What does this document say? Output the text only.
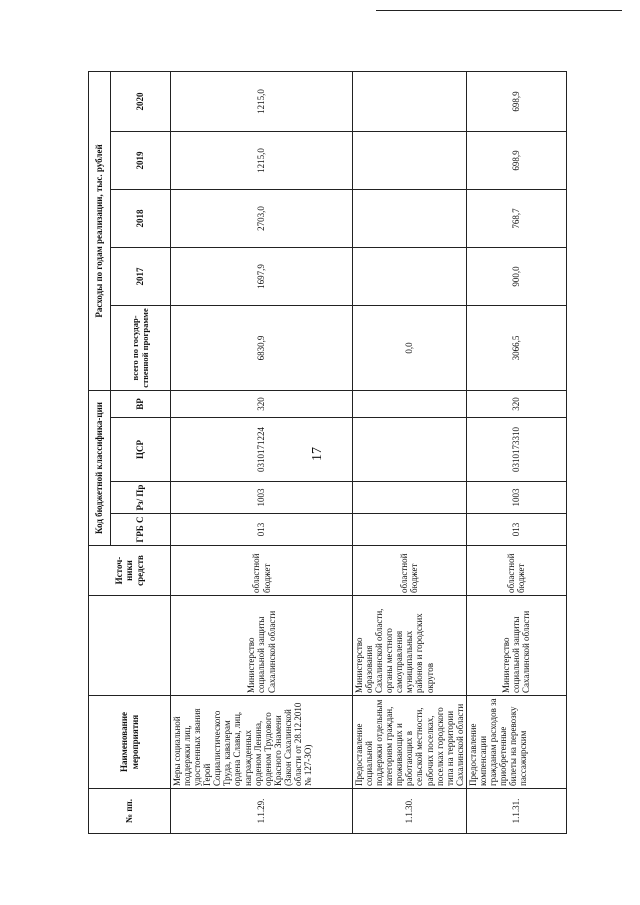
17
№ пп.	Наименование мероприятия		Источ-ники средств	Код бюджетной классифика-ции				Расходы по годам реализации, тыс. рублей				
				ГРБ С	Рз/ Пр	ЦСР	ВР	всего по государ-ственной программе	2017	2018	2019	2020
1.1.29.	Меры социальной поддержки лиц, удостоенных звания Герой Социалистического Труда, кавалерам ордена Славы, лиц, награжденных орденом Ленина, орденом Трудового Красного Знамени (Закон Сахалинской области от 28.12.2010 № 127-ЗО)	Министерство социальной защиты Сахалинской области	областной бюджет	013	1003	0310171224	320	6830,9	1697,9	2703,0	1215,0	1215,0
1.1.30.	Предоставление социальной поддержки отдельным категориям граждан, проживающих и работающих в сельской местности, рабочих поселках, поселках городского типа на территории Сахалинской области	Министерство образования Сахалинской области, органы местного самоуправления муниципальных районов и городских округов	областной бюджет					0,0				
1.1.31.	Предоставление компенсации гражданам расходов за приобретенные билеты на перевозку пассажирским	Министерство социальной защиты Сахалинской области	областной бюджет	013	1003	0310173310	320	3066,5	900,0	768,7	698,9	698,9
